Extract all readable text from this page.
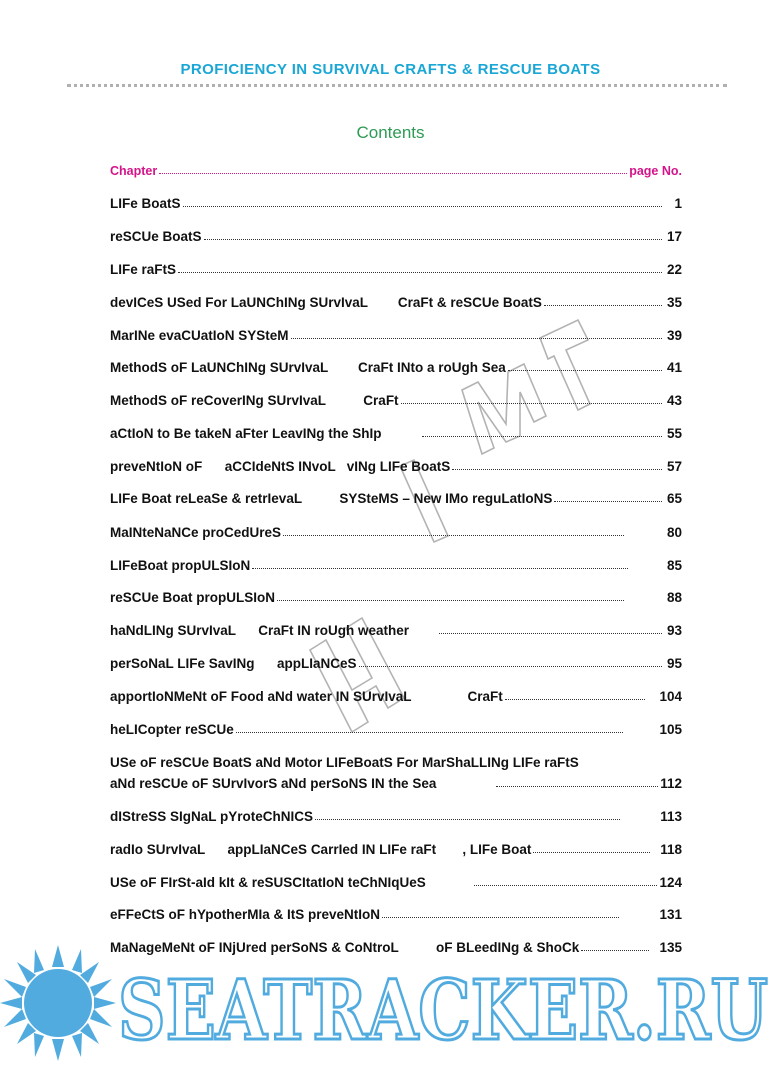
PROFICIENCY IN SURVIVAL CRAFTS & RESCUE BOATS
Contents
Chapter	page No.
LIFe BoatS	1
reSCUe BoatS	17
LIFe raFtS	22
devICeS USed For LaUNChINg SUrvIvaL        CraFt & reSCUe BoatS	35
MarINe evaCUatIoN SYSteM	39
MethodS oF LaUNChINg SUrvIvaL        CraFt INto a roUgh Sea	41
MethodS oF reCoverINg SUrvIvaL          CraFt	43
aCtIoN to Be takeN aFter LeavINg the ShIp	55
preveNtIoN oF      aCCIdeNtS INvoL   vINg LIFe BoatS	57
LIFe Boat reLeaSe & retrIevaL          SYSteMS – New IMo reguLatIoNS	65
MaINteNaNCe proCedUreS	80
LIFeBoat propULSIoN	85
reSCUe Boat propULSIoN	88
haNdLINg SUrvIvaL      CraFt IN roUgh weather	93
perSoNaL LIFe SavINg      appLIaNCeS	95
apportIoNMeNt oF Food aNd water IN SUrvIvaL               CraFt	104
heLICopter reSCUe	105
USe oF reSCUe BoatS aNd Motor LIFeBoatS For MarShaLLINg LIFe raFtS
aNd reSCUe oF SUrvIvorS aNd perSoNS IN the Sea	112
dIStreSS SIgNaL pYroteChNICS	113
radIo SUrvIvaL      appLIaNCeS CarrIed IN LIFe raFt       , LIFe Boat	118
USe oF FIrSt-aId kIt & reSUSCItatIoN teChNIqUeS	124
eFFeCtS oF hYpotherMIa & ItS preveNtIoN	131
MaNageMeNt oF INjUred perSoNS & CoNtroL          oF BLeedINg & ShoCk	135
SEATRACKER.RU
